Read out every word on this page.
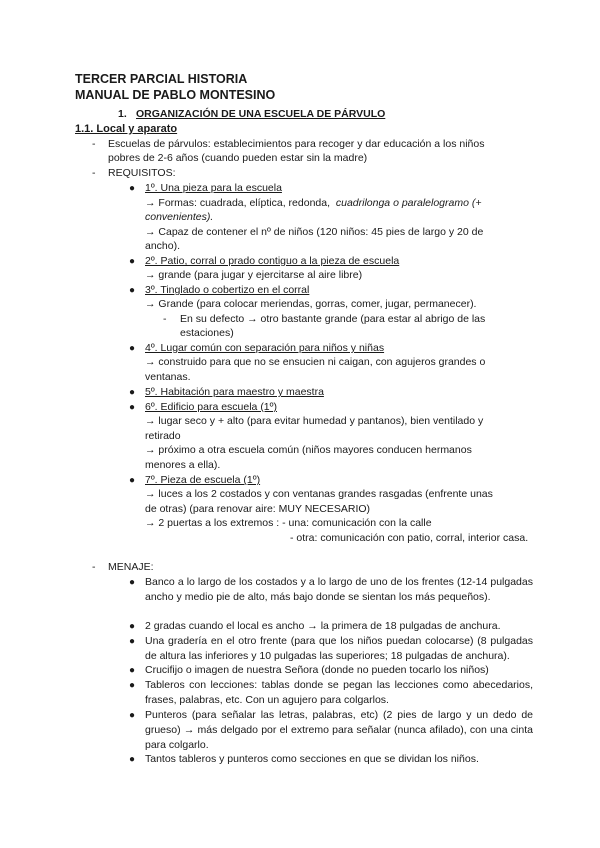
TERCER PARCIAL HISTORIA
MANUAL DE PABLO MONTESINO
1. ORGANIZACIÓN DE UNA ESCUELA DE PÁRVULO
1.1. Local y aparato
- Escuelas de párvulos: establecimientos para recoger y dar educación a los niños
pobres de 2-6 años (cuando pueden estar sin la madre)
- REQUISITOS:
● 1º. Una pieza para la escuela
→ Formas: cuadrada, elíptica, redonda, cuadrilonga o paralelogramo (+
convenientes).
→ Capaz de contener el nº de niños (120 niños: 45 pies de largo y 20 de
ancho).
● 2º. Patio, corral o prado contiguo a la pieza de escuela
→ grande (para jugar y ejercitarse al aire libre)
● 3º. Tinglado o cobertizo en el corral
→ Grande (para colocar meriendas, gorras, comer, jugar, permanecer).
- En su defecto → otro bastante grande (para estar al abrigo de las
estaciones)
● 4º. Lugar común con separación para niños y niñas
→ construido para que no se ensucien ni caigan, con agujeros grandes o
ventanas.
● 5º. Habitación para maestro y maestra
● 6º. Edificio para escuela (1º)
→ lugar seco y + alto (para evitar humedad y pantanos), bien ventilado y
retirado
→ próximo a otra escuela común (niños mayores conducen hermanos
menores a ella).
● 7º. Pieza de escuela (1º)
→ luces a los 2 costados y con ventanas grandes rasgadas (enfrente unas
de otras) (para renovar aire: MUY NECESARIO)
→ 2 puertas a los extremos : - una: comunicación con la calle
- otra: comunicación con patio, corral, interior casa.
- MENAJE:
● Banco a lo largo de los costados y a lo largo de uno de los frentes (12-14 pulgadas ancho y medio pie de alto, más bajo donde se sientan los más pequeños).
● 2 gradas cuando el local es ancho → la primera de 18 pulgadas de anchura.
● Una gradería en el otro frente (para que los niños puedan colocarse) (8 pulgadas de altura las inferiores y 10 pulgadas las superiores; 18 pulgadas de anchura).
● Crucifijo o imagen de nuestra Señora (donde no pueden tocarlo los niños)
● Tableros con lecciones: tablas donde se pegan las lecciones como abecedarios, frases, palabras, etc. Con un agujero para colgarlos.
● Punteros (para señalar las letras, palabras, etc) (2 pies de largo y un dedo de grueso) → más delgado por el extremo para señalar (nunca afilado), con una cinta para colgarlo.
● Tantos tableros y punteros como secciones en que se dividan los niños.
